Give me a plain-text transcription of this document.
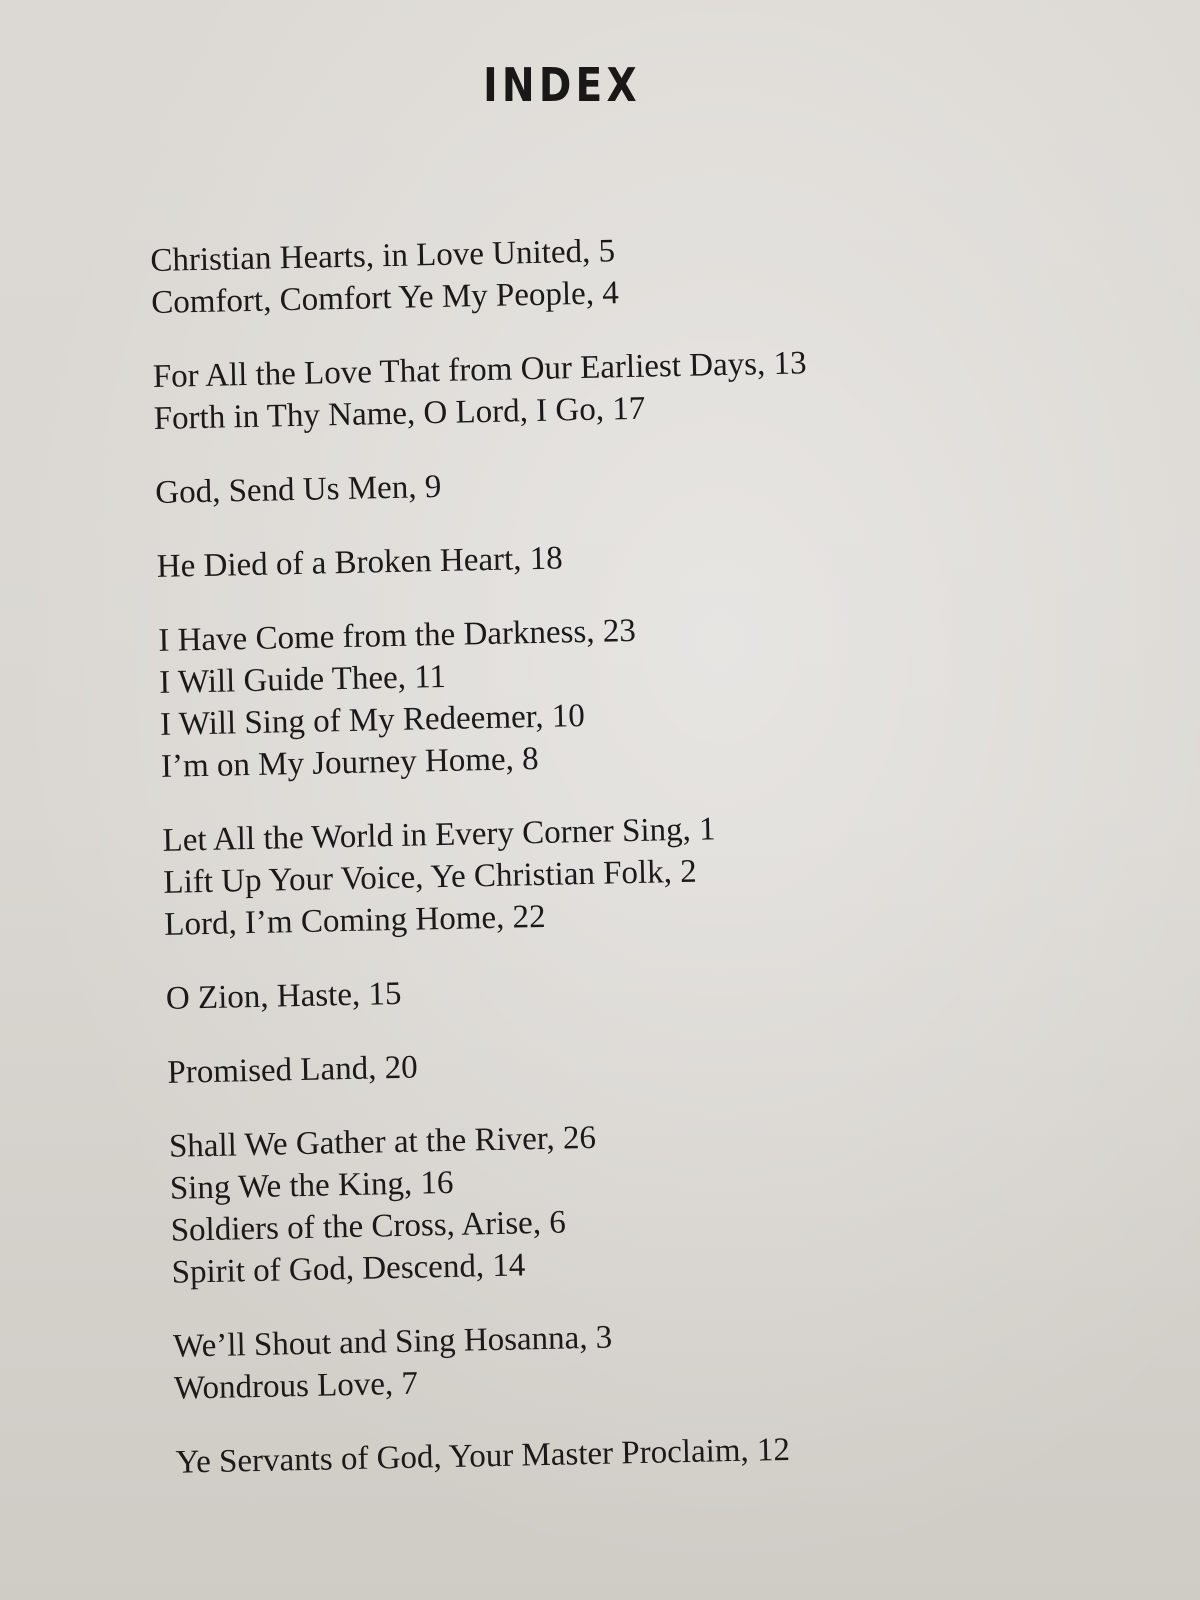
INDEX
Christian Hearts, in Love United, 5
Comfort, Comfort Ye My People, 4
For All the Love That from Our Earliest Days, 13
Forth in Thy Name, O Lord, I Go, 17
God, Send Us Men, 9
He Died of a Broken Heart, 18
I Have Come from the Darkness, 23
I Will Guide Thee, 11
I Will Sing of My Redeemer, 10
I’m on My Journey Home, 8
Let All the World in Every Corner Sing, 1
Lift Up Your Voice, Ye Christian Folk, 2
Lord, I’m Coming Home, 22
O Zion, Haste, 15
Promised Land, 20
Shall We Gather at the River, 26
Sing We the King, 16
Soldiers of the Cross, Arise, 6
Spirit of God, Descend, 14
We’ll Shout and Sing Hosanna, 3
Wondrous Love, 7
Ye Servants of God, Your Master Proclaim, 12
